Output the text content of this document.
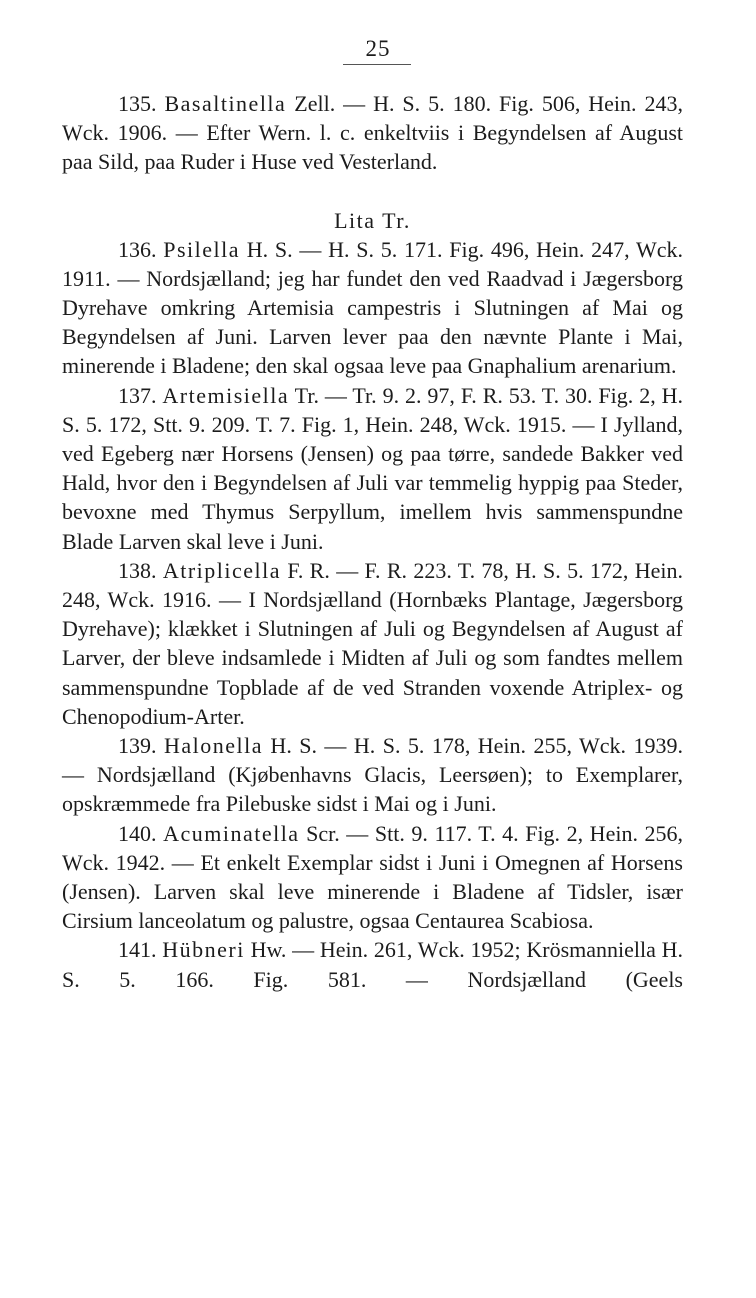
25

135. Basaltinella Zell. — H. S. 5. 180. Fig. 506, Hein. 243, Wck. 1906. — Efter Wern. l. c. enkeltviis i Begyndelsen af August paa Sild, paa Ruder i Huse ved Vesterland.

Lita Tr.

136. Psilella H. S. — H. S. 5. 171. Fig. 496, Hein. 247, Wck. 1911. — Nordsjælland; jeg har fundet den ved Raadvad i Jægersborg Dyrehave omkring Artemisia campestris i Slutningen af Mai og Begyndelsen af Juni. Larven lever paa den nævnte Plante i Mai, minerende i Bladene; den skal ogsaa leve paa Gnaphalium arenarium.

137. Artemisiella Tr. — Tr. 9. 2. 97, F. R. 53. T. 30. Fig. 2, H. S. 5. 172, Stt. 9. 209. T. 7. Fig. 1, Hein. 248, Wck. 1915. — I Jylland, ved Egeberg nær Horsens (Jensen) og paa tørre, sandede Bakker ved Hald, hvor den i Begyndelsen af Juli var temmelig hyppig paa Steder, bevoxne med Thymus Serpyllum, imellem hvis sammenspundne Blade Larven skal leve i Juni.

138. Atriplicella F. R. — F. R. 223. T. 78, H. S. 5. 172, Hein. 248, Wck. 1916. — I Nordsjælland (Hornbæks Plantage, Jægersborg Dyrehave); klækket i Slutningen af Juli og Begyndelsen af August af Larver, der bleve indsamlede i Midten af Juli og som fandtes mellem sammenspundne Topblade af de ved Stranden voxende Atriplex- og Chenopodium-Arter.

139. Halonella H. S. — H. S. 5. 178, Hein. 255, Wck. 1939. — Nordsjælland (Kjøbenhavns Glacis, Leersøen); to Exemplarer, opskræmmede fra Pilebuske sidst i Mai og i Juni.

140. Acuminatella Scr. — Stt. 9. 117. T. 4. Fig. 2, Hein. 256, Wck. 1942. — Et enkelt Exemplar sidst i Juni i Omegnen af Horsens (Jensen). Larven skal leve minerende i Bladene af Tidsler, især Cirsium lanceolatum og palustre, ogsaa Centaurea Scabiosa.

141. Hübneri Hw. — Hein. 261, Wck. 1952; Krösmanniella H. S. 5. 166. Fig. 581. — Nordsjælland (Geels
